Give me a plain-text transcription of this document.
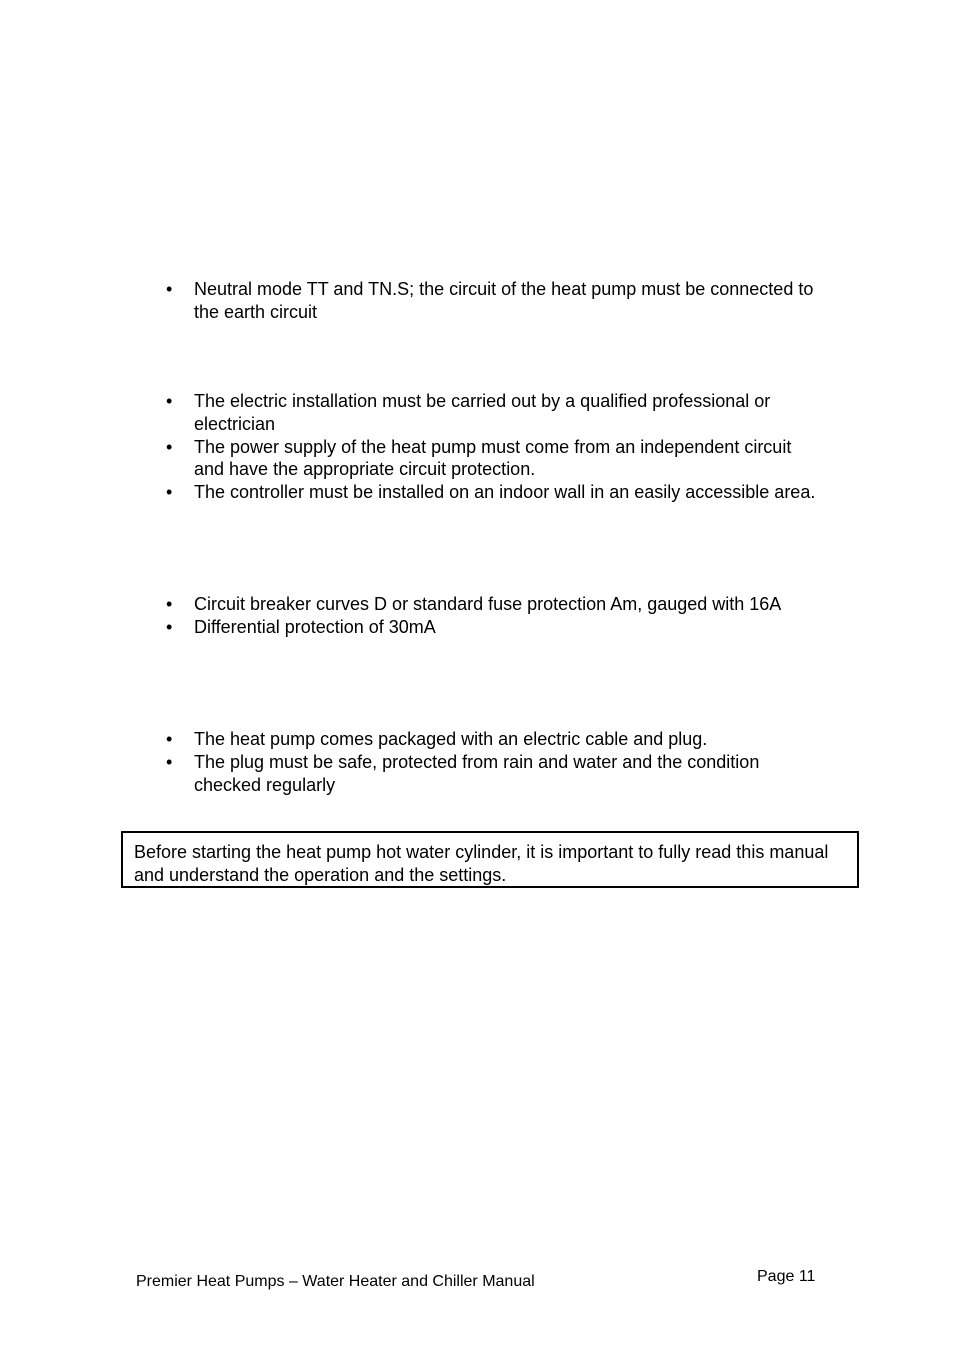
• Neutral mode TT and TN.S; the circuit of the heat pump must be connected to the earth circuit
• The electric installation must be carried out by a qualified professional or electrician
• The power supply of the heat pump must come from an independent circuit and have the appropriate circuit protection.
• The controller must be installed on an indoor wall in an easily accessible area.
• Circuit breaker curves D or standard fuse protection Am, gauged with 16A
• Differential protection of 30mA
• The heat pump comes packaged with an electric cable and plug.
• The plug must be safe, protected from rain and water and the condition checked regularly
Before starting the heat pump hot water cylinder, it is important to fully read this manual and understand the operation and the settings.
Premier Heat Pumps – Water Heater and Chiller Manual	Page 11
